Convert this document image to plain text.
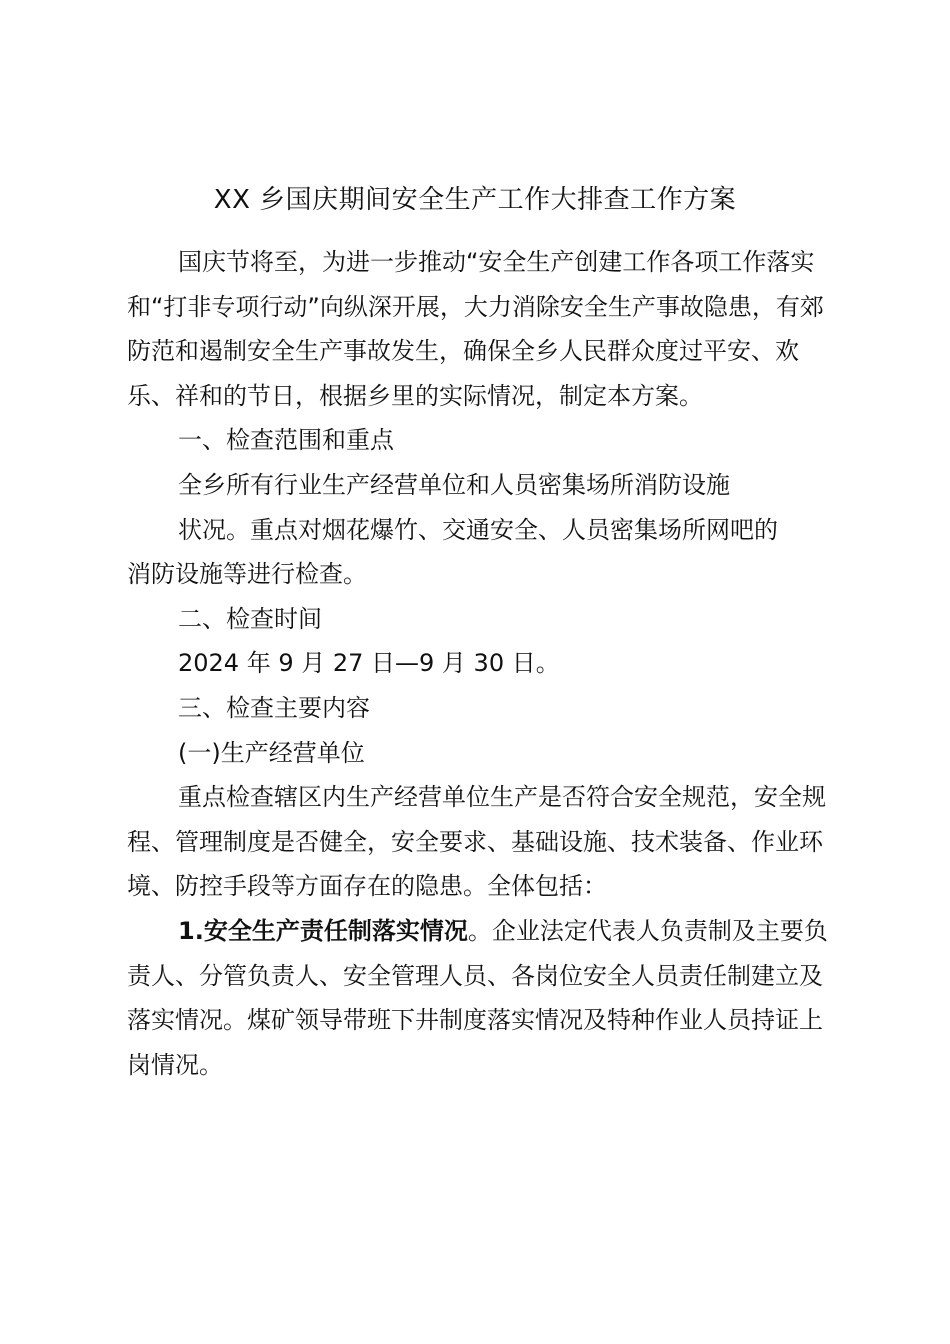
XX 乡国庆期间安全生产工作大排查工作方案

国庆节将至，为进一步推动“安全生产创建工作各项工作落实和“打非专项行动”向纵深开展，大力消除安全生产事故隐患，有郊防范和遏制安全生产事故发生，确保全乡人民群众度过平安、欢乐、祥和的节日，根据乡里的实际情况，制定本方案。

一、检查范围和重点

全乡所有行业生产经营单位和人员密集场所消防设施

状况。重点对烟花爆竹、交通安全、人员密集场所网吧的

消防设施等进行检查。

二、检查时间

2024 年 9 月 27 日—9 月 30 日。

三、检查主要内容

(一)生产经营单位

重点检查辖区内生产经营单位生产是否符合安全规范，安全规程、管理制度是否健全，安全要求、基础设施、技术装备、作业环境、防控手段等方面存在的隐患。全体包括：

1.安全生产责任制落实情况。企业法定代表人负责制及主要负责人、分管负责人、安全管理人员、各岗位安全人员责任制建立及落实情况。煤矿领导带班下井制度落实情况及特种作业人员持证上岗情况。
